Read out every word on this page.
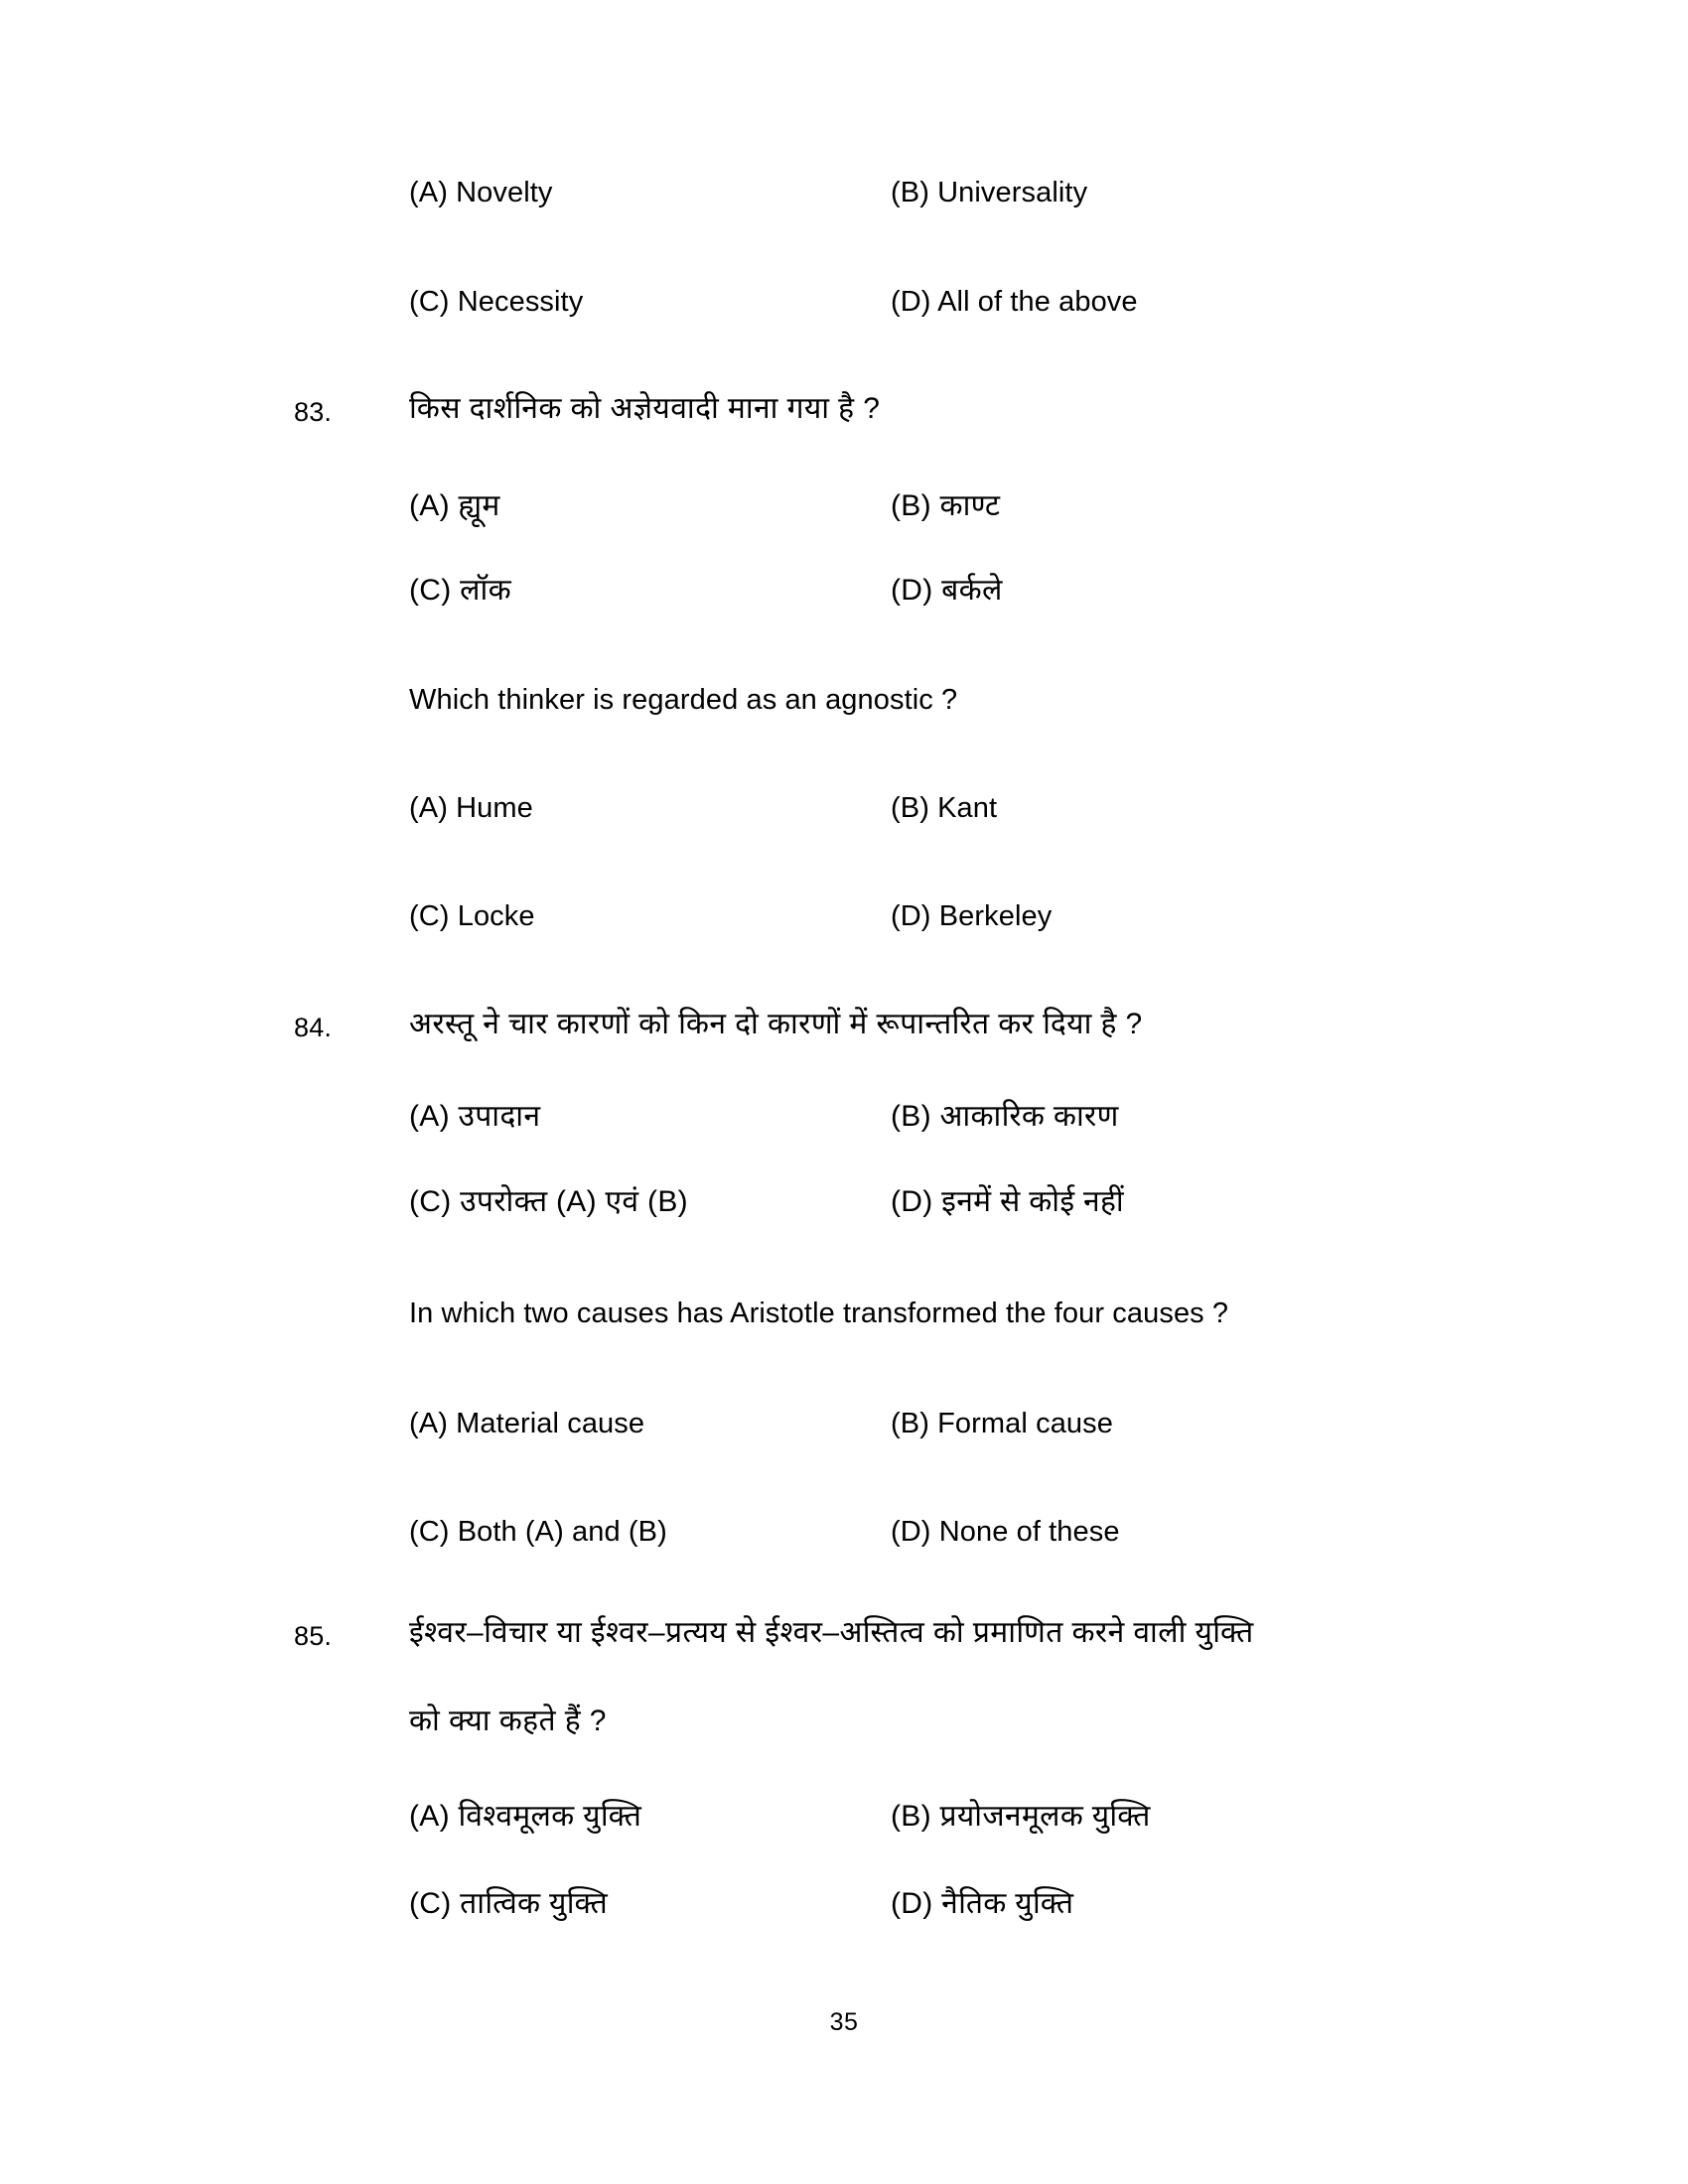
(A) Novelty	(B) Universality
(C) Necessity	(D) All of the above
83.	किस दार्शनिक को अज्ञेयवादी माना गया है ?
(A) ह्यूम	(B) काण्ट
(C) लॉक	(D) बर्कले
Which thinker is regarded as an agnostic ?
(A) Hume	(B) Kant
(C) Locke	(D) Berkeley
84.	अरस्तू ने चार कारणों को किन दो कारणों में रूपान्तरित कर दिया है ?
(A) उपादान	(B) आकारिक कारण
(C) उपरोक्त (A) एवं (B)	(D) इनमें से कोई नहीं
In which two causes has Aristotle transformed the four causes ?
(A) Material cause	(B) Formal cause
(C) Both (A) and (B)	(D) None of these
85.	ईश्वर–विचार या ईश्वर–प्रत्यय से ईश्वर–अस्तित्व को प्रमाणित करने वाली युक्ति
को क्या कहते हैं ?
(A) विश्वमूलक युक्ति	(B) प्रयोजनमूलक युक्ति
(C) तात्विक युक्ति	(D) नैतिक युक्ति
35
